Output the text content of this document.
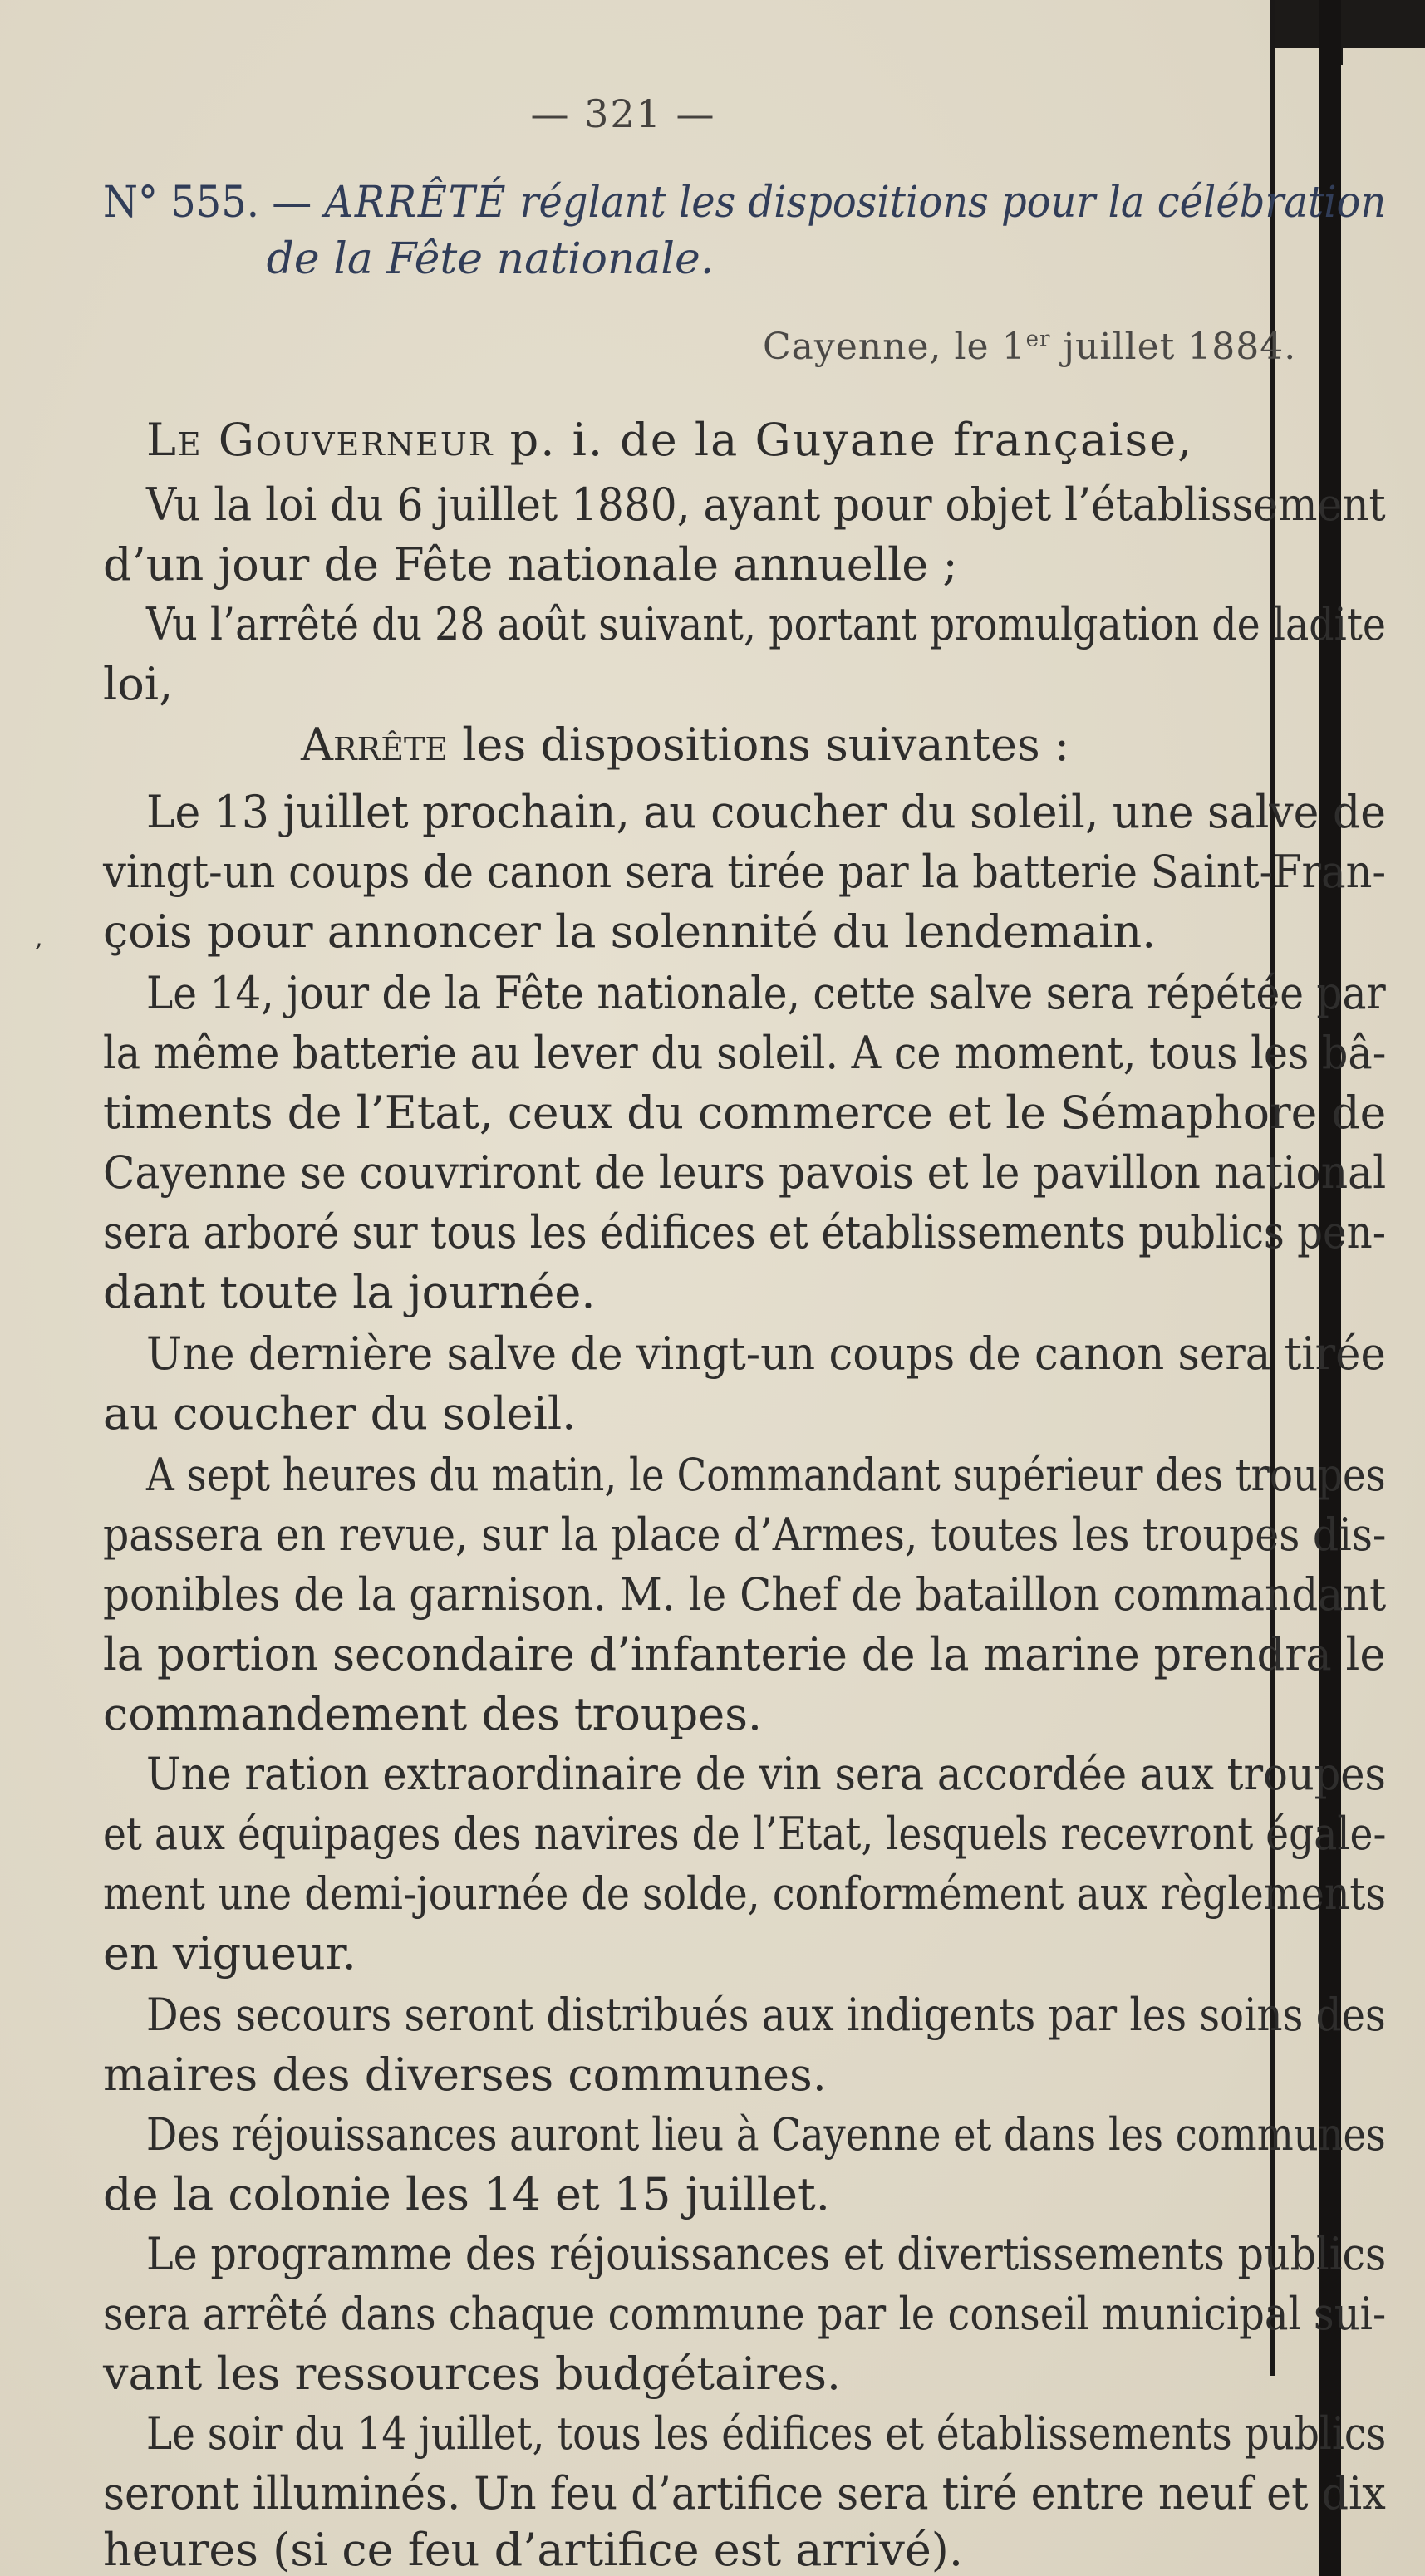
— 321 —
N° 555. — ARRÊTÉ réglant les dispositions pour la célébration
de la Fête nationale.
Cayenne, le 1er juillet 1884.
Le Gouverneur p. i. de la Guyane française,
Arrête les dispositions suivantes :
Vu la loi du 6 juillet 1880, ayant pour objet l’établissement
d’un jour de Fête nationale annuelle ;
Vu l’arrêté du 28 août suivant, portant promulgation de ladite
loi,
Le 13 juillet prochain, au coucher du soleil, une salve de
vingt-un coups de canon sera tirée par la batterie Saint-Fran-
çois pour annoncer la solennité du lendemain.
Le 14, jour de la Fête nationale, cette salve sera répétée par
la même batterie au lever du soleil. A ce moment, tous les bâ-
timents de l’Etat, ceux du commerce et le Sémaphore de
Cayenne se couvriront de leurs pavois et le pavillon national
sera arboré sur tous les édifices et établissements publics pen-
dant toute la journée.
Une dernière salve de vingt-un coups de canon sera tirée
au coucher du soleil.
A sept heures du matin, le Commandant supérieur des troupes
passera en revue, sur la place d’Armes, toutes les troupes dis-
ponibles de la garnison. M. le Chef de bataillon commandant
la portion secondaire d’infanterie de la marine prendra le
commandement des troupes.
Une ration extraordinaire de vin sera accordée aux troupes
et aux équipages des navires de l’Etat, lesquels recevront égale-
ment une demi-journée de solde, conformément aux règlements
en vigueur.
Des secours seront distribués aux indigents par les soins des
maires des diverses communes.
Des réjouissances auront lieu à Cayenne et dans les communes
de la colonie les 14 et 15 juillet.
Le programme des réjouissances et divertissements publics
sera arrêté dans chaque commune par le conseil municipal sui-
vant les ressources budgétaires.
Le soir du 14 juillet, tous les édifices et établissements publics
seront illuminés. Un feu d’artifice sera tiré entre neuf et dix
heures (si ce feu d’artifice est arrivé).
,
